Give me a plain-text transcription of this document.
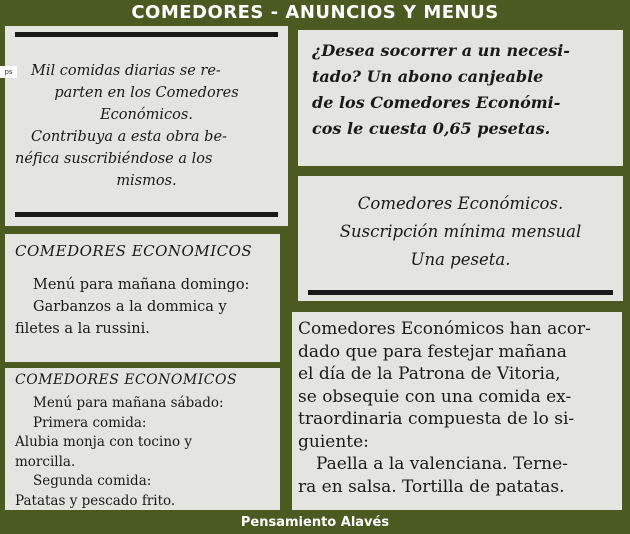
COMEDORES - ANUNCIOS Y MENUS
Mil comidas diarias se re-
parten en los Comedores
Económicos.
Contribuya a esta obra be-
néfica suscribiéndose a los
mismos.
ps
¿Desea socorrer a un necesi-
tado? Un abono canjeable
de los Comedores Económi-
cos le cuesta 0,65 pesetas.
Comedores Económicos.
Suscripción mínima mensual
Una peseta.
COMEDORES ECONOMICOS
Menú para mañana domingo:
Garbanzos a la dommica y
filetes a la russini.
COMEDORES ECONOMICOS
Menú para mañana sábado:
Primera comida:
Alubia monja con tocino y
morcilla.
Segunda comida:
Patatas y pescado frito.
Comedores Económicos han acor-
dado que para festejar mañana
el día de la Patrona de Vitoria,
se obsequie con una comida ex-
traordinaria compuesta de lo si-
guiente:
Paella a la valenciana. Terne-
ra en salsa. Tortilla de patatas.
Pensamiento Alavés
